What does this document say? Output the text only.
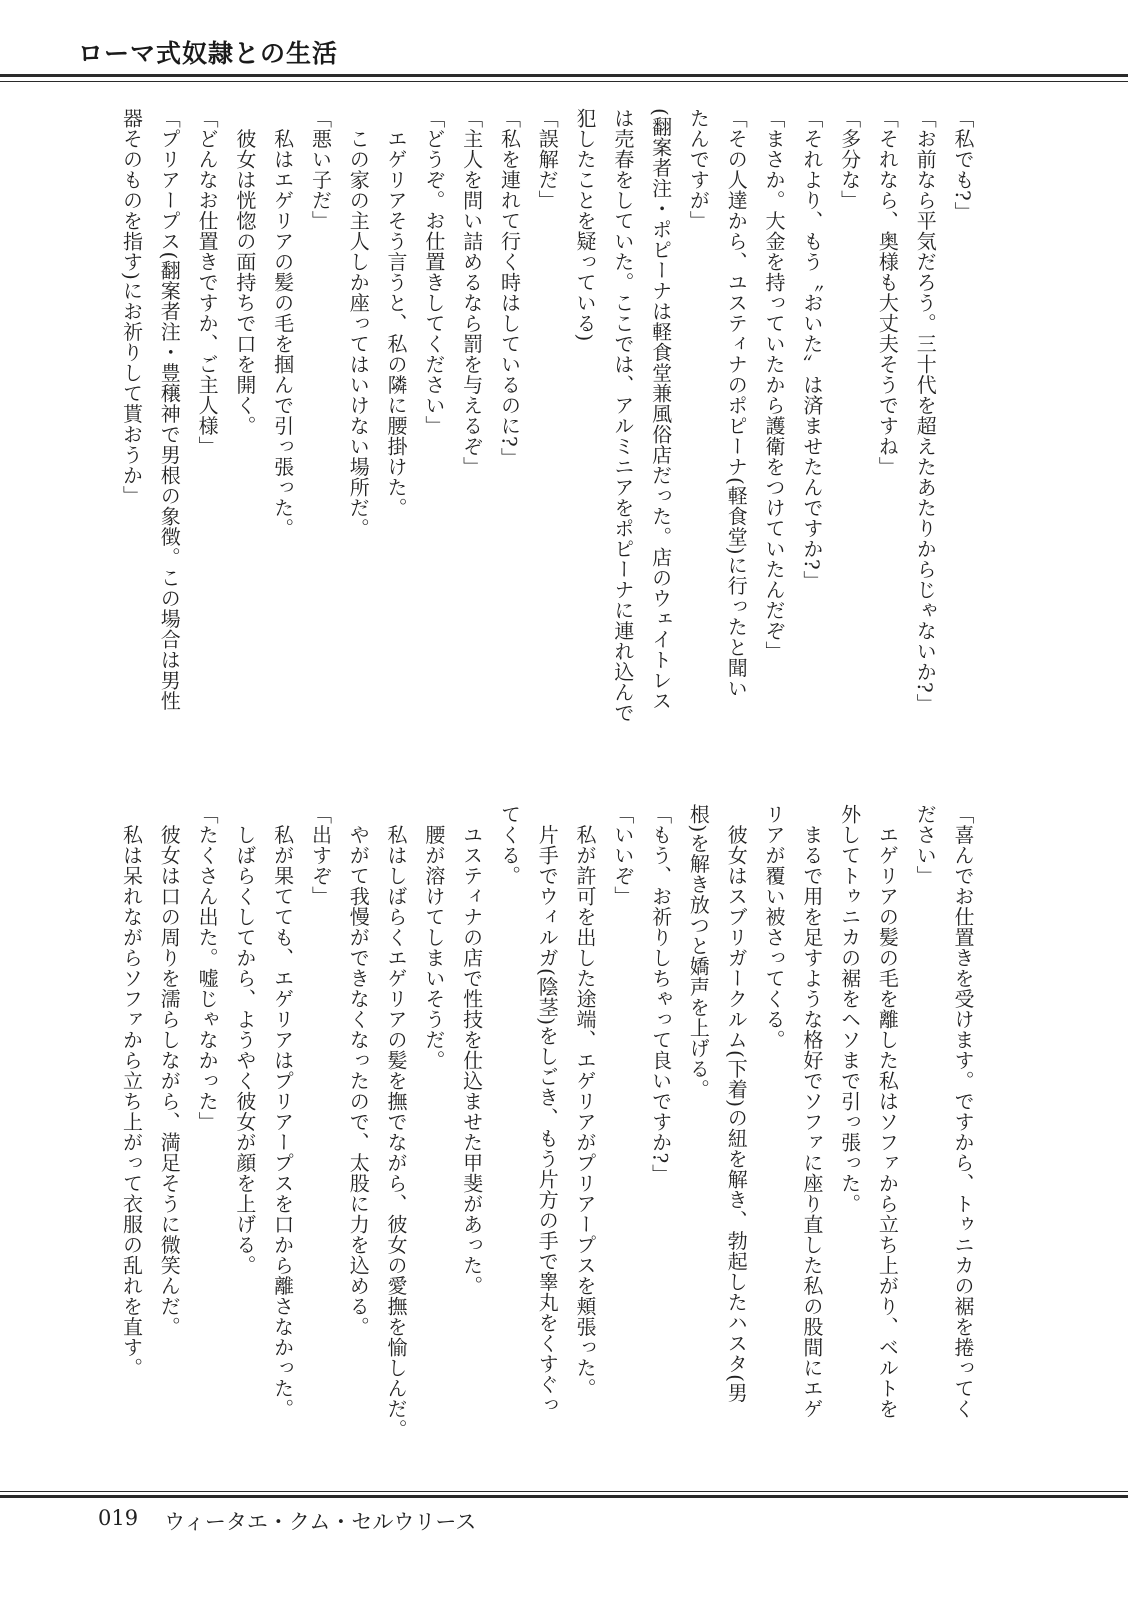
ローマ式奴隷との生活
「私でも?」
「お前なら平気だろう。三十代を超えたあたりからじゃないか?」
「それなら、奥様も大丈夫そうですね」
「多分な」
「それより、もう〝おいた〟は済ませたんですか?」
「まさか。大金を持っていたから護衛をつけていたんだぞ」
「その人達から、ユスティナのポピーナ(軽食堂)に行ったと聞い
たんですが」
(翻案者注・ポピーナは軽食堂兼風俗店だった。店のウェイトレス
は売春をしていた。ここでは、アルミニアをポピーナに連れ込んで
犯したことを疑っている)
「誤解だ」
「私を連れて行く時はしているのに?」
「主人を問い詰めるなら罰を与えるぞ」
「どうぞ。お仕置きしてください」
　エゲリアそう言うと、私の隣に腰掛けた。
　この家の主人しか座ってはいけない場所だ。
「悪い子だ」
　私はエゲリアの髪の毛を掴んで引っ張った。
　彼女は恍惚の面持ちで口を開く。
「どんなお仕置きですか、ご主人様」
「プリアープス(翻案者注・豊穣神で男根の象徴。この場合は男性
器そのものを指す)にお祈りして貰おうか」
「喜んでお仕置きを受けます。ですから、トゥニカの裾を捲ってく
ださい」
　エゲリアの髪の毛を離した私はソファから立ち上がり、ベルトを
外してトゥニカの裾をヘソまで引っ張った。
　まるで用を足すような格好でソファに座り直した私の股間にエゲ
リアが覆い被さってくる。
　彼女はスブリガークルム(下着)の紐を解き、勃起したハスタ(男
根)を解き放つと嬌声を上げる。
「もう、お祈りしちゃって良いですか?」
「いいぞ」
　私が許可を出した途端、エゲリアがプリアープスを頬張った。
　片手でウィルガ(陰茎)をしごき、もう片方の手で睾丸をくすぐっ
てくる。
　ユスティナの店で性技を仕込ませた甲斐があった。
　腰が溶けてしまいそうだ。
　私はしばらくエゲリアの髪を撫でながら、彼女の愛撫を愉しんだ。
　やがて我慢ができなくなったので、太股に力を込める。
「出すぞ」
　私が果てても、エゲリアはプリアープスを口から離さなかった。
　しばらくしてから、ようやく彼女が顔を上げる。
「たくさん出た。嘘じゃなかった」
　彼女は口の周りを濡らしながら、満足そうに微笑んだ。
　私は呆れながらソファから立ち上がって衣服の乱れを直す。
019 ウィータエ・クム・セルウリース
